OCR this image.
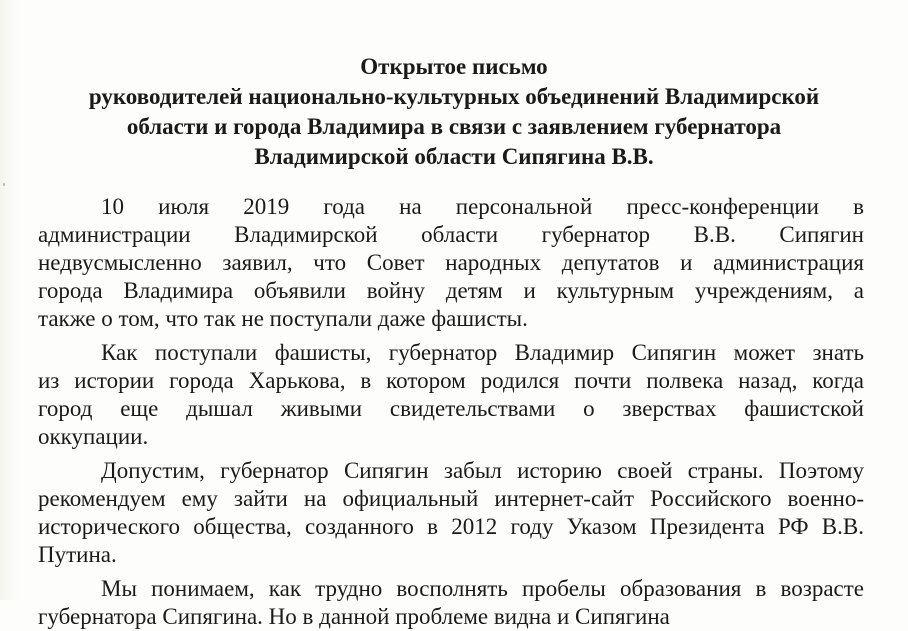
Открытое письмо
руководителей национально-культурных объединений Владимирской
области и города Владимира в связи с заявлением губернатора
Владимирской области Сипягина В.В.
10 июля 2019 года на персональной пресс-конференции в
администрации Владимирской области губернатор В.В. Сипягин
недвусмысленно заявил, что Совет народных депутатов и администрация
города Владимира объявили войну детям и культурным учреждениям, а
также о том, что так не поступали даже фашисты.
Как поступали фашисты, губернатор Владимир Сипягин может знать
из истории города Харькова, в котором родился почти полвека назад, когда
город еще дышал живыми свидетельствами о зверствах фашистской
оккупации.
Допустим, губернатор Сипягин забыл историю своей страны. Поэтому
рекомендуем ему зайти на официальный интернет-сайт Российского военно-
исторического общества, созданного в 2012 году Указом Президента РФ В.В.
Путина.
Мы понимаем, как трудно восполнять пробелы образования в возрасте
губернатора Сипягина. Но в данной проблеме видна и Сипягина
